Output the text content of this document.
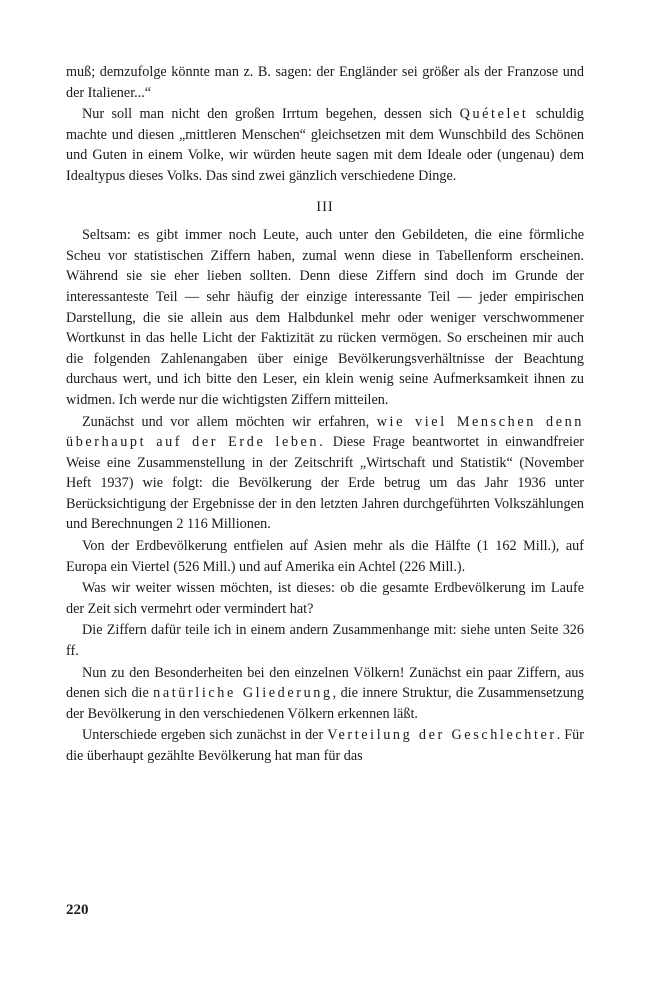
muß; demzufolge könnte man z. B. sagen: der Engländer sei größer als der Franzose und der Italiener...“

Nur soll man nicht den großen Irrtum begehen, dessen sich Quételet schuldig machte und diesen „mittleren Menschen“ gleichsetzen mit dem Wunschbild des Schönen und Guten in einem Volke, wir würden heute sagen mit dem Ideale oder (ungenau) dem Idealtypus dieses Volks. Das sind zwei gänzlich verschiedene Dinge.

III

Seltsam: es gibt immer noch Leute, auch unter den Gebildeten, die eine förmliche Scheu vor statistischen Ziffern haben, zumal wenn diese in Tabellenform erscheinen. Während sie sie eher lieben sollten. Denn diese Ziffern sind doch im Grunde der interessanteste Teil — sehr häufig der einzige interessante Teil — jeder empirischen Darstellung, die sie allein aus dem Halbdunkel mehr oder weniger verschwommener Wortkunst in das helle Licht der Faktizität zu rücken vermögen. So erscheinen mir auch die folgenden Zahlenangaben über einige Bevölkerungsverhältnisse der Beachtung durchaus wert, und ich bitte den Leser, ein klein wenig seine Aufmerksamkeit ihnen zu widmen. Ich werde nur die wichtigsten Ziffern mitteilen.

Zunächst und vor allem möchten wir erfahren, wie viel Menschen denn überhaupt auf der Erde leben. Diese Frage beantwortet in einwandfreier Weise eine Zusammenstellung in der Zeitschrift „Wirtschaft und Statistik“ (November Heft 1937) wie folgt: die Bevölkerung der Erde betrug um das Jahr 1936 unter Berücksichtigung der Ergebnisse der in den letzten Jahren durchgeführten Volkszählungen und Berechnungen 2 116 Millionen.

Von der Erdbevölkerung entfielen auf Asien mehr als die Hälfte (1 162 Mill.), auf Europa ein Viertel (526 Mill.) und auf Amerika ein Achtel (226 Mill.).

Was wir weiter wissen möchten, ist dieses: ob die gesamte Erdbevölkerung im Laufe der Zeit sich vermehrt oder vermindert hat?

Die Ziffern dafür teile ich in einem andern Zusammenhange mit: siehe unten Seite 326 ff.

Nun zu den Besonderheiten bei den einzelnen Völkern! Zunächst ein paar Ziffern, aus denen sich die natürliche Gliederung, die innere Struktur, die Zusammensetzung der Bevölkerung in den verschiedenen Völkern erkennen läßt.

Unterschiede ergeben sich zunächst in der Verteilung der Geschlechter. Für die überhaupt gezählte Bevölkerung hat man für das

220
